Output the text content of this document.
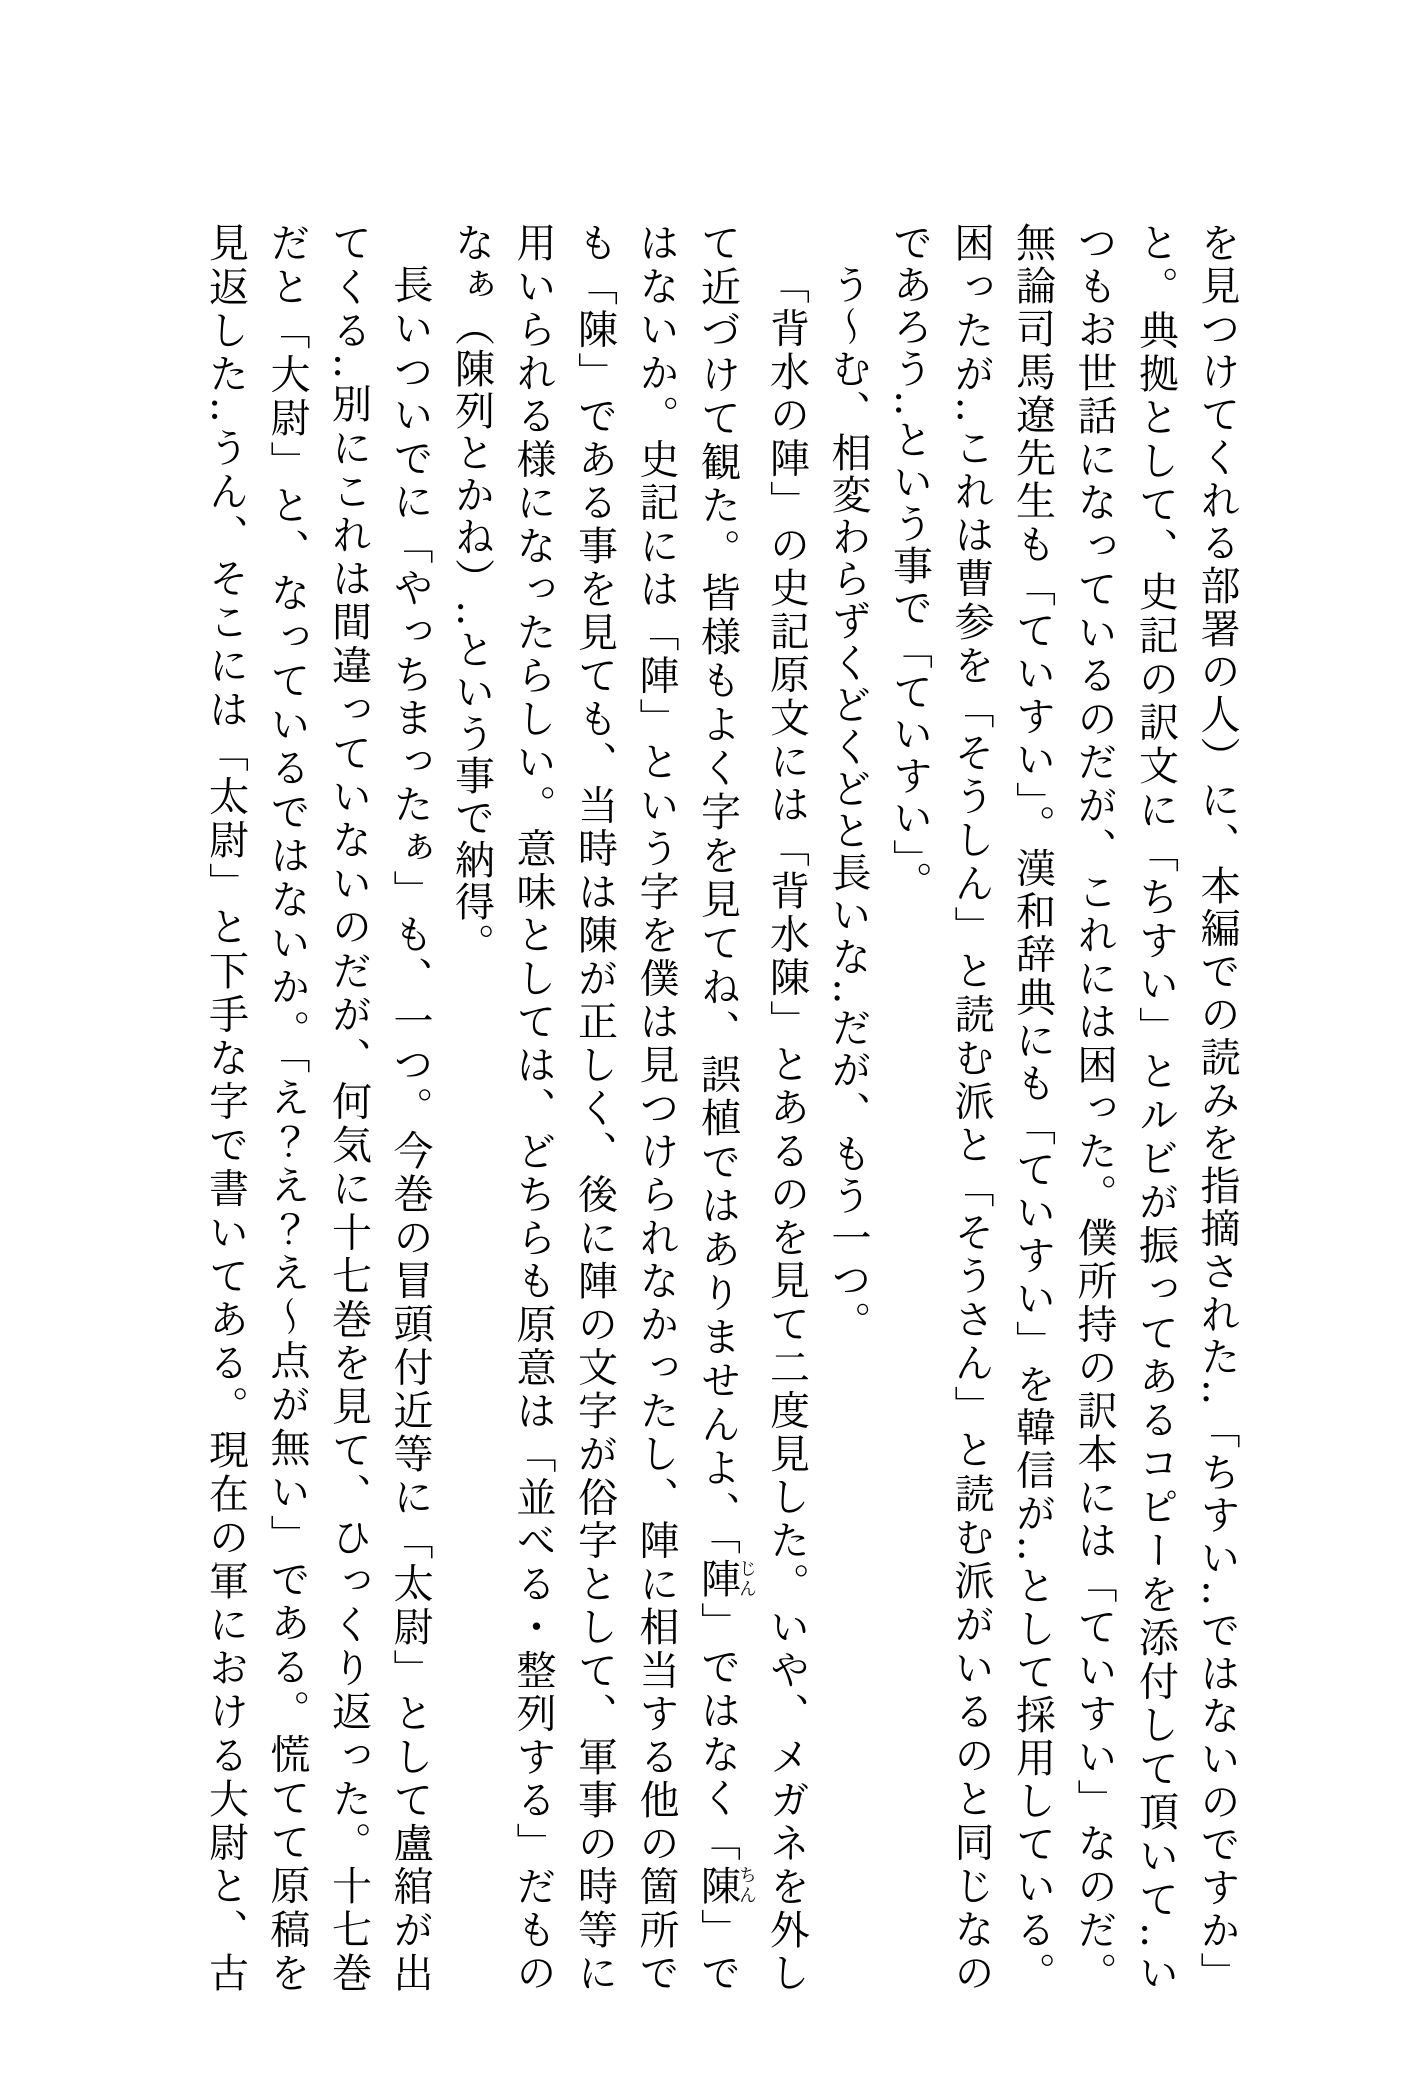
を見つけてくれる部署の人）に、本編での読みを指摘された‥「ちすい‥ではないのですか」
と。典拠として、史記の訳文に「ちすい」とルビが振ってあるコピーを添付して頂いて‥い
つもお世話になっているのだが、これには困った。僕所持の訳本には「ていすい」なのだ。
無論司馬遼先生も「ていすい」。漢和辞典にも「ていすい」を韓信が‥として採用している。
困ったが‥これは曹参を「そうしん」と読む派と「そうさん」と読む派がいるのと同じなの
であろう‥という事で「ていすい」。
う〜む、相変わらずくどくどと長いな‥だが、もう一つ。
「背水の陣」の史記原文には「背水陳」とあるのを見て二度見した。いや、メガネを外し
て近づけて観た。皆様もよく字を見てね、誤植ではありませんよ、「陣じん」ではなく「陳ちん」で
はないか。史記には「陣」という字を僕は見つけられなかったし、陣に相当する他の箇所で
も「陳」である事を見ても、当時は陳が正しく、後に陣の文字が俗字として、軍事の時等に
用いられる様になったらしい。意味としては、どちらも原意は「並べる・整列する」だもの
なぁ（陳列とかね）‥という事で納得。
長いついでに「やっちまったぁ」も、一つ。今巻の冒頭付近等に「太尉」として盧綰が出
てくる‥別にこれは間違っていないのだが、何気に十七巻を見て、ひっくり返った。十七巻
だと「大尉」と、なっているではないか。「え？え？え〜点が無い」である。慌てて原稿を
見返した‥うん、そこには「太尉」と下手な字で書いてある。現在の軍における大尉と、古
